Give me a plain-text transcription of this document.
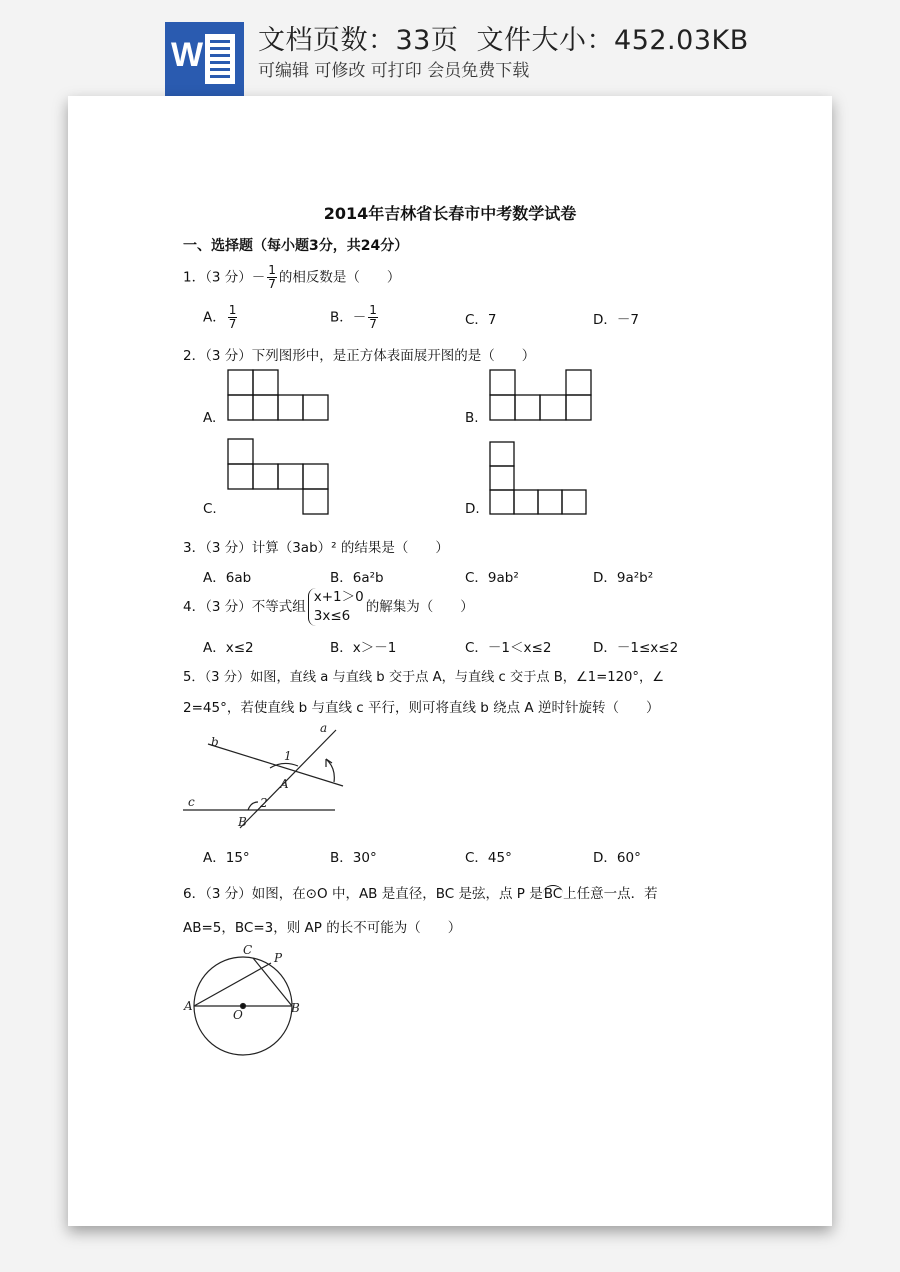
W 文档页数：33页  文件大小：452.03KB
可编辑 可修改 可打印 会员免费下载
2014年吉林省长春市中考数学试卷
一、选择题（每小题3分，共24分）
1．（3 分）－ $\frac{1}{7}$ 的相反数是（　　）
A． $\frac{1}{7}$	B．－ $\frac{1}{7}$	C．7	D．－7
2．（3 分）下列图形中，是正方体表面展开图的是（　　）
A.	B.
C.	D.
b
a
c
1
2
A
B
A	B
C
P
O
3．（3 分）计算（3ab）² 的结果是（　　）
A．6ab	B．6a²b	C．9ab²	D．9a²b²
4．（3 分）不等式组x+1＞0
3x≤6的解集为（　　）
A．x≤2	B．x＞－1	C．－1＜x≤2	D．－1≤x≤2
5．（3 分）如图，直线 a 与直线 b 交于点 A，与直线 c 交于点 B，∠1=120°，∠
2=45°，若使直线 b 与直线 c 平行，则可将直线 b 绕点 A 逆时针旋转（　　）
A．15°	B．30°	C．45°	D．60°
6．（3 分）如图，在⊙O 中，AB 是直径，BC 是弦，点 P 是BC上任意一点．若
AB=5，BC=3，则 AP 的长不可能为（　　）
